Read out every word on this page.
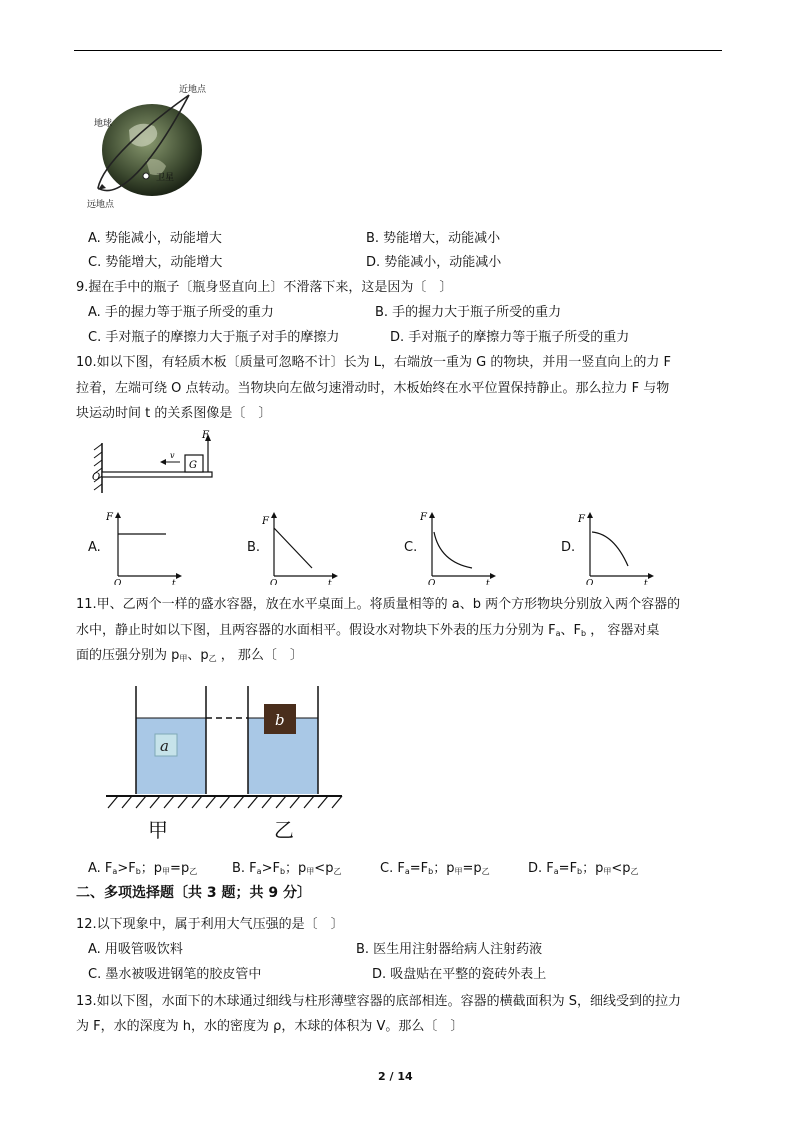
近地点
远地点
地球
卫星
A. 势能减小，动能增大	B. 势能增大，动能减小
C. 势能增大，动能增大	D. 势能减小，动能减小
9.握在手中的瓶子〔瓶身竖直向上〕不滑落下来，这是因为〔　〕
A. 手的握力等于瓶子所受的重力	B. 手的握力大于瓶子所受的重力
C. 手对瓶子的摩擦力大于瓶子对手的摩擦力	D. 手对瓶子的摩擦力等于瓶子所受的重力
10.如以下图，有轻质木板〔质量可忽略不计〕长为 L，右端放一重为 G 的物块，并用一竖直向上的力 F
拉着，左端可绕 O 点转动。当物块向左做匀速滑动时，木板始终在水平位置保持静止。那么拉力 F 与物
块运动时间 t 的关系图像是〔　〕
G
F
v
O
A.
F
O	t
B.
F
O	t
C.
F
O	t
D.
F
O	t
11.甲、乙两个一样的盛水容器，放在水平桌面上。将质量相等的 a、b 两个方形物块分别放入两个容器的
水中，静止时如以下图，且两容器的水面相平。假设水对物块下外表的压力分别为 $F_a$、$F_b$ ， 容器对桌
面的压强分别为 $p_甲$、$p_乙$ ， 那么〔　〕
a
b
甲	乙
A. $F_a>F_b$；$p_甲=p_乙$	B. $F_a>F_b$；$p_甲<p_乙$	C. $F_a=F_b$；$p_甲=p_乙$	D. $F_a=F_b$；$p_甲<p_乙$
二、多项选择题〔共 3 题；共 9 分〕
12.以下现象中，属于利用大气压强的是〔　〕
A. 用吸管吸饮料	B. 医生用注射器给病人注射药液
C. 墨水被吸进钢笔的胶皮管中	D. 吸盘贴在平整的瓷砖外表上
13.如以下图，水面下的木球通过细线与柱形薄壁容器的底部相连。容器的横截面积为 S，细线受到的拉力
为 F，水的深度为 h，水的密度为 ρ，木球的体积为 V。那么〔　〕
2 / 14
